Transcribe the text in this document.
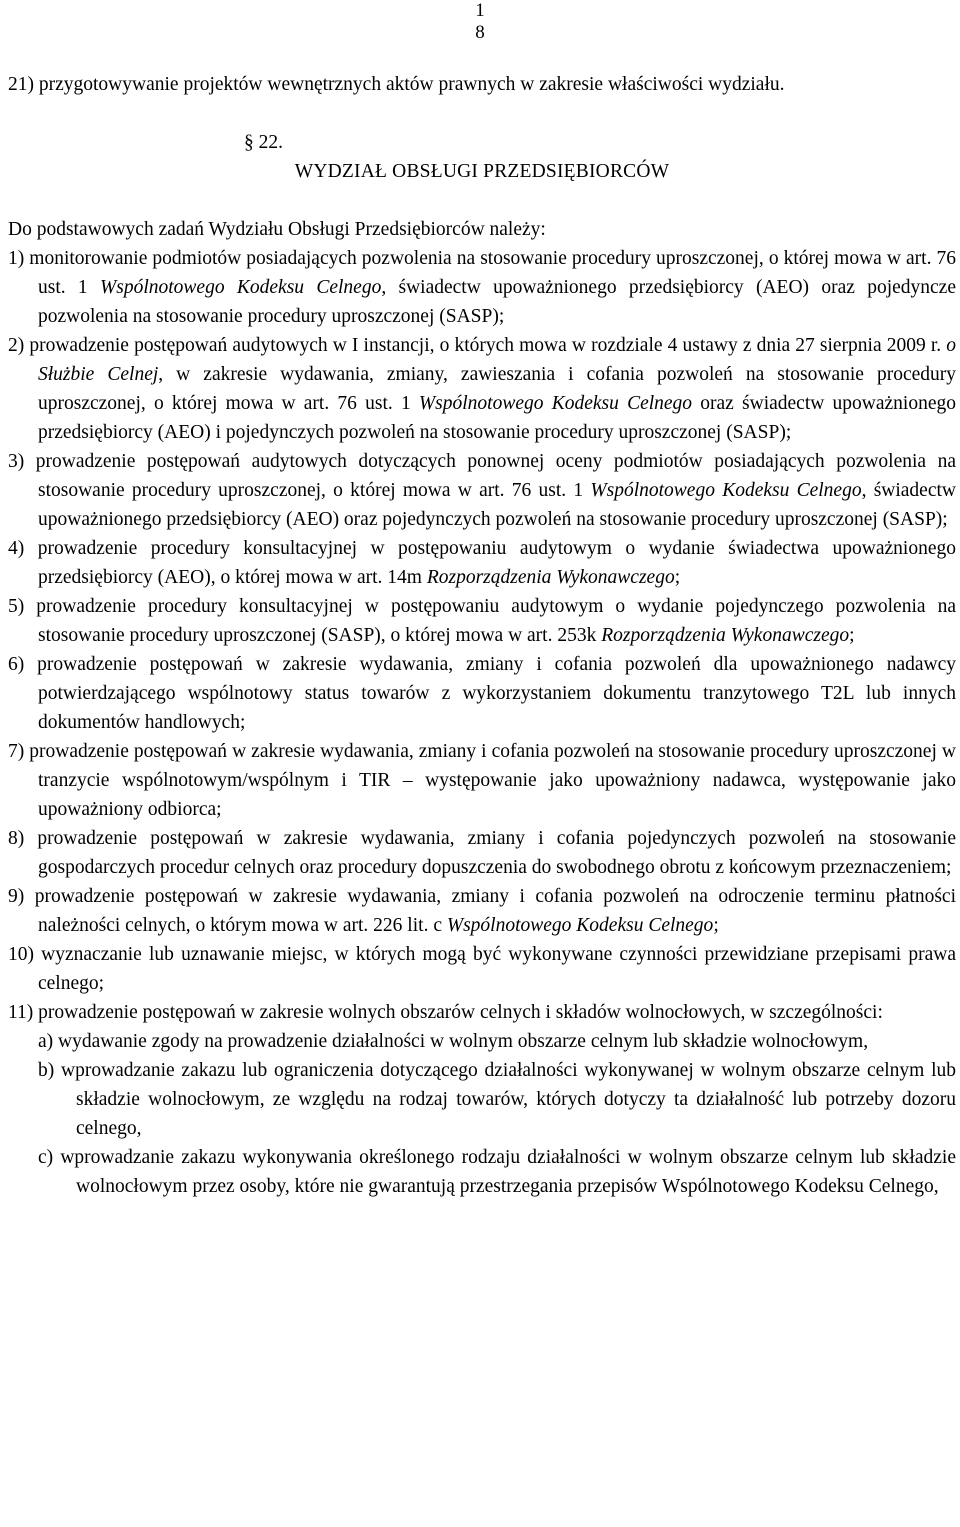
1
8

21) przygotowywanie projektów wewnętrznych aktów prawnych w zakresie właściwości wydziału.

§ 22.

WYDZIAŁ OBSŁUGI PRZEDSIĘBIORCÓW

Do podstawowych zadań Wydziału Obsługi Przedsiębiorców należy:

1) monitorowanie podmiotów posiadających pozwolenia na stosowanie procedury uproszczonej, o której mowa w art. 76 ust. 1 Wspólnotowego Kodeksu Celnego, świadectw upoważnionego przedsiębiorcy (AEO) oraz pojedyncze pozwolenia na stosowanie procedury uproszczonej (SASP);

2) prowadzenie postępowań audytowych w I instancji, o których mowa w rozdziale 4 ustawy z dnia 27 sierpnia 2009 r. o Służbie Celnej, w zakresie wydawania, zmiany, zawieszania i cofania pozwoleń na stosowanie procedury uproszczonej, o której mowa w art. 76 ust. 1 Wspólnotowego Kodeksu Celnego oraz świadectw upoważnionego przedsiębiorcy (AEO) i pojedynczych pozwoleń na stosowanie procedury uproszczonej (SASP);

3) prowadzenie postępowań audytowych dotyczących ponownej oceny podmiotów posiadających pozwolenia na stosowanie procedury uproszczonej, o której mowa w art. 76 ust. 1 Wspólnotowego Kodeksu Celnego, świadectw upoważnionego przedsiębiorcy (AEO) oraz pojedynczych pozwoleń na stosowanie procedury uproszczonej (SASP);

4) prowadzenie procedury konsultacyjnej w postępowaniu audytowym o wydanie świadectwa upoważnionego przedsiębiorcy (AEO), o której mowa w art. 14m Rozporządzenia Wykonawczego;

5) prowadzenie procedury konsultacyjnej w postępowaniu audytowym o wydanie pojedynczego pozwolenia na stosowanie procedury uproszczonej (SASP), o której mowa w art. 253k Rozporządzenia Wykonawczego;

6) prowadzenie postępowań w zakresie wydawania, zmiany i cofania pozwoleń dla upoważnionego nadawcy potwierdzającego wspólnotowy status towarów z wykorzystaniem dokumentu tranzytowego T2L lub innych dokumentów handlowych;

7) prowadzenie postępowań w zakresie wydawania, zmiany i cofania pozwoleń na stosowanie procedury uproszczonej w tranzycie wspólnotowym/wspólnym i TIR – występowanie jako upoważniony nadawca, występowanie jako upoważniony odbiorca;

8) prowadzenie postępowań w zakresie wydawania, zmiany i cofania pojedynczych pozwoleń na stosowanie gospodarczych procedur celnych oraz procedury dopuszczenia do swobodnego obrotu z końcowym przeznaczeniem;

9) prowadzenie postępowań w zakresie wydawania, zmiany i cofania pozwoleń na odroczenie terminu płatności należności celnych, o którym mowa w art. 226 lit. c Wspólnotowego Kodeksu Celnego;

10) wyznaczanie lub uznawanie miejsc, w których mogą być wykonywane czynności przewidziane przepisami prawa celnego;

11) prowadzenie postępowań w zakresie wolnych obszarów celnych i składów wolnocłowych, w szczególności:

a) wydawanie zgody na prowadzenie działalności w wolnym obszarze celnym lub składzie wolnocłowym,

b) wprowadzanie zakazu lub ograniczenia dotyczącego działalności wykonywanej w wolnym obszarze celnym lub składzie wolnocłowym, ze względu na rodzaj towarów, których dotyczy ta działalność lub potrzeby dozoru celnego,

c) wprowadzanie zakazu wykonywania określonego rodzaju działalności w wolnym obszarze celnym lub składzie wolnocłowym przez osoby, które nie gwarantują przestrzegania przepisów Wspólnotowego Kodeksu Celnego,
